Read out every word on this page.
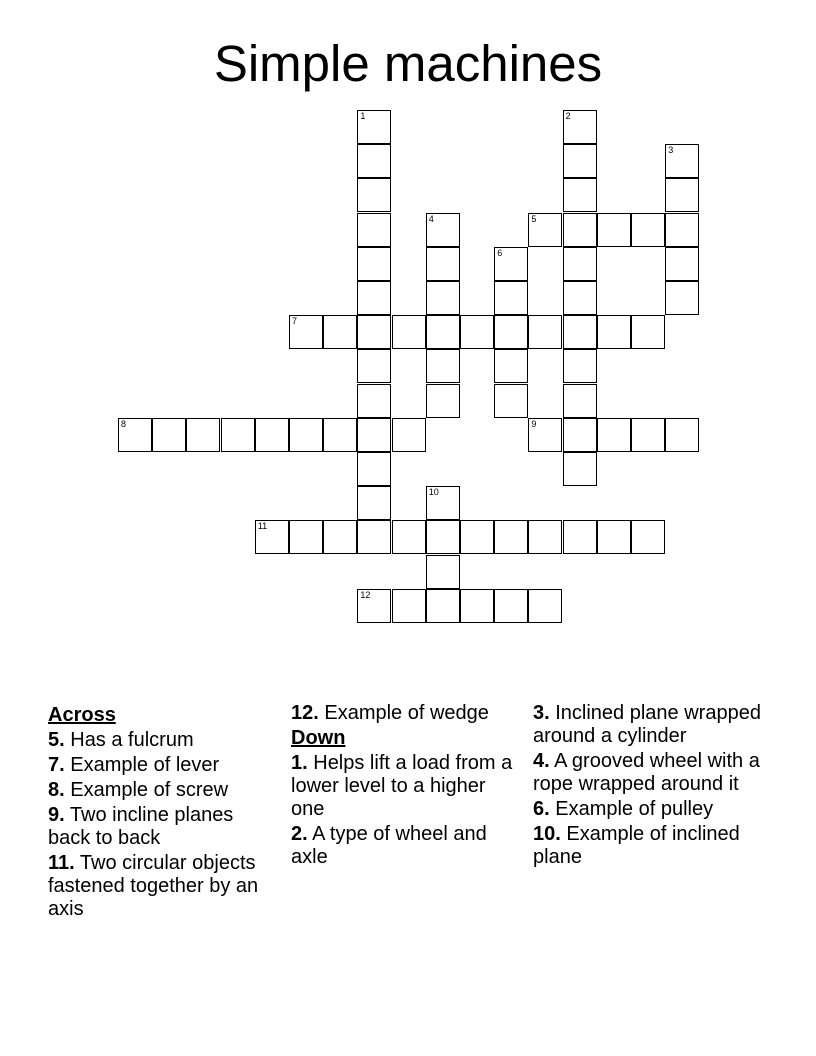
Simple machines
1	2
3
4	5
6
7
8	9
10
11
12
Across
5. Has a fulcrum
7. Example of lever
8. Example of screw
9. Two incline planes back to back
11. Two circular objects fastened together by an axis
12. Example of wedge
Down
1. Helps lift a load from a lower level to a higher one
2. A type of wheel and axle
3. Inclined plane wrapped around a cylinder
4. A grooved wheel with a rope wrapped around it
6. Example of pulley
10. Example of inclined plane
